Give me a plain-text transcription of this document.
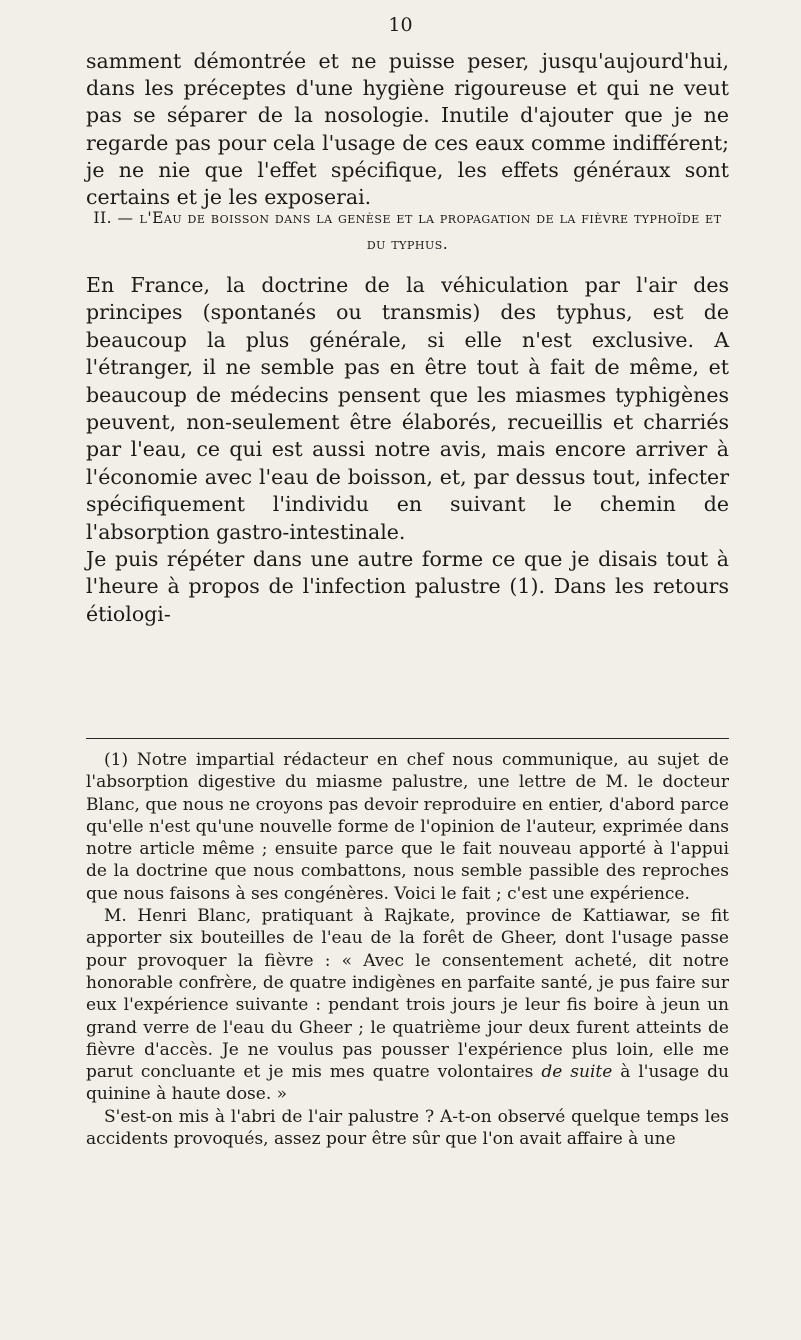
10

samment démontrée et ne puisse peser, jusqu'aujourd'hui, dans les préceptes d'une hygiène rigoureuse et qui ne veut pas se séparer de la nosologie. Inutile d'ajouter que je ne regarde pas pour cela l'usage de ces eaux comme indifférent; je ne nie que l'effet spécifique, les effets généraux sont certains et je les exposerai.

II. — l'Eau de boisson dans la genèse et la propagation de la fièvre typhoïde et du typhus.

En France, la doctrine de la véhiculation par l'air des principes (spontanés ou transmis) des typhus, est de beaucoup la plus générale, si elle n'est exclusive. A l'étranger, il ne semble pas en être tout à fait de même, et beaucoup de médecins pensent que les miasmes typhigènes peuvent, non-seulement être élaborés, recueillis et charriés par l'eau, ce qui est aussi notre avis, mais encore arriver à l'économie avec l'eau de boisson, et, par dessus tout, infecter spécifiquement l'individu en suivant le chemin de l'absorption gastro-intestinale.

Je puis répéter dans une autre forme ce que je disais tout à l'heure à propos de l'infection palustre (1). Dans les retours étiologi-

(1) Notre impartial rédacteur en chef nous communique, au sujet de l'absorption digestive du miasme palustre, une lettre de M. le docteur Blanc, que nous ne croyons pas devoir reproduire en entier, d'abord parce qu'elle n'est qu'une nouvelle forme de l'opinion de l'auteur, exprimée dans notre article même ; ensuite parce que le fait nouveau apporté à l'appui de la doctrine que nous combattons, nous semble passible des reproches que nous faisons à ses congénères. Voici le fait ; c'est une expérience.

M. Henri Blanc, pratiquant à Rajkate, province de Kattiawar, se fit apporter six bouteilles de l'eau de la forêt de Gheer, dont l'usage passe pour provoquer la fièvre : « Avec le consentement acheté, dit notre honorable confrère, de quatre indigènes en parfaite santé, je pus faire sur eux l'expérience suivante : pendant trois jours je leur fis boire à jeun un grand verre de l'eau du Gheer ; le quatrième jour deux furent atteints de fièvre d'accès. Je ne voulus pas pousser l'expérience plus loin, elle me parut concluante et je mis mes quatre volontaires de suite à l'usage du quinine à haute dose. »

S'est-on mis à l'abri de l'air palustre ? A-t-on observé quelque temps les accidents provoqués, assez pour être sûr que l'on avait affaire à une
